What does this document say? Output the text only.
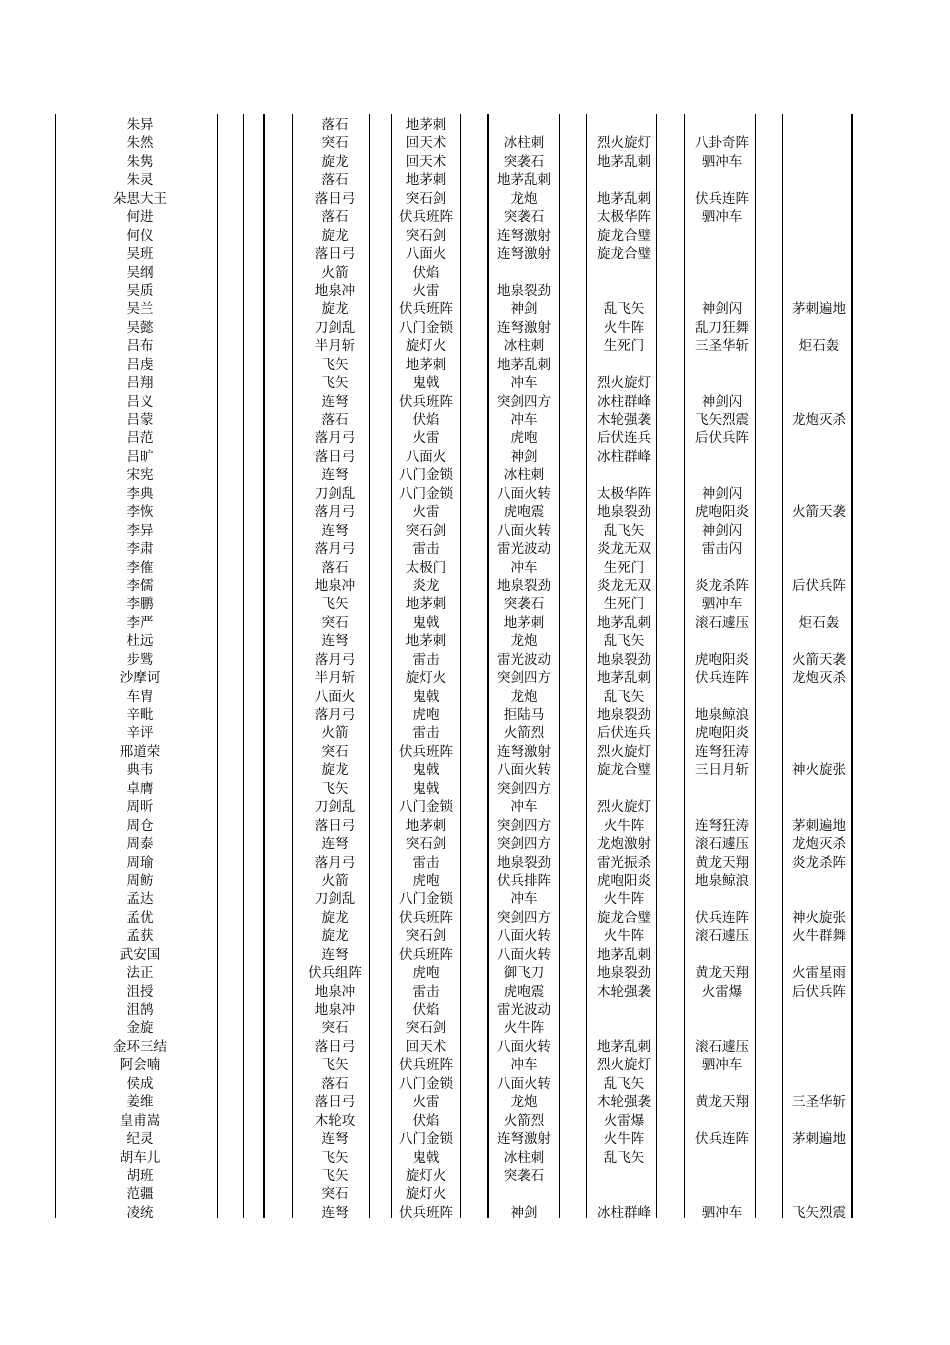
朱异	落石	地茅刺
朱然	突石	回天术	冰柱刺	烈火旋灯	八卦奇阵
朱隽	旋龙	回天术	突袭石	地茅乱刺	驷冲车
朱灵	落石	地茅刺	地茅乱刺
朵思大王	落日弓	突石剑	龙炮	地茅乱刺	伏兵连阵
何进	落石	伏兵班阵	突袭石	太极华阵	驷冲车
何仪	旋龙	突石剑	连弩激射	旋龙合璧
吴班	落日弓	八面火	连弩激射	旋龙合璧
吴纲	火箭	伏焰
吴质	地泉冲	火雷	地泉裂劲
吴兰	旋龙	伏兵班阵	神剑	乱飞矢	神剑闪	茅刺遍地
吴懿	刀剑乱	八门金锁	连弩激射	火牛阵	乱刀狂舞
吕布	半月斩	旋灯火	冰柱刺	生死门	三圣华斩	炬石轰
吕虔	飞矢	地茅刺	地茅乱刺
吕翔	飞矢	鬼戟	冲车	烈火旋灯
吕义	连弩	伏兵班阵	突剑四方	冰柱群峰	神剑闪
吕蒙	落石	伏焰	冲车	木轮强袭	飞矢烈震	龙炮灭杀
吕范	落月弓	火雷	虎咆	后伏连兵	后伏兵阵
吕旷	落日弓	八面火	神剑	冰柱群峰
宋宪	连弩	八门金锁	冰柱刺
李典	刀剑乱	八门金锁	八面火转	太极华阵	神剑闪
李恢	落月弓	火雷	虎咆震	地泉裂劲	虎咆阳炎	火箭天袭
李异	连弩	突石剑	八面火转	乱飞矢	神剑闪
李肃	落月弓	雷击	雷光波动	炎龙无双	雷击闪
李傕	落石	太极门	冲车	生死门
李儒	地泉冲	炎龙	地泉裂劲	炎龙无双	炎龙杀阵	后伏兵阵
李鹏	飞矢	地茅刺	突袭石	生死门	驷冲车
李严	突石	鬼戟	地茅刺	地茅乱刺	滚石遽压	炬石轰
杜远	连弩	地茅刺	龙炮	乱飞矢
步骘	落月弓	雷击	雷光波动	地泉裂劲	虎咆阳炎	火箭天袭
沙摩诃	半月斩	旋灯火	突剑四方	地茅乱刺	伏兵连阵	龙炮灭杀
车胄	八面火	鬼戟	龙炮	乱飞矢
辛毗	落月弓	虎咆	拒陆马	地泉裂劲	地泉鲸浪
辛评	火箭	雷击	火箭烈	后伏连兵	虎咆阳炎
邢道荣	突石	伏兵班阵	连弩激射	烈火旋灯	连弩狂涛
典韦	旋龙	鬼戟	八面火转	旋龙合璧	三日月斩	神火旋张
卓膺	飞矢	鬼戟	突剑四方
周昕	刀剑乱	八门金锁	冲车	烈火旋灯
周仓	落日弓	地茅刺	突剑四方	火牛阵	连弩狂涛	茅刺遍地
周泰	连弩	突石剑	突剑四方	龙炮激射	滚石遽压	龙炮灭杀
周瑜	落月弓	雷击	地泉裂劲	雷光振杀	黄龙天翔	炎龙杀阵
周鲂	火箭	虎咆	伏兵排阵	虎咆阳炎	地泉鲸浪
孟达	刀剑乱	八门金锁	冲车	火牛阵
孟优	旋龙	伏兵班阵	突剑四方	旋龙合璧	伏兵连阵	神火旋张
孟获	旋龙	突石剑	八面火转	火牛阵	滚石遽压	火牛群舞
武安国	连弩	伏兵班阵	八面火转	地茅乱刺
法正	伏兵组阵	虎咆	御飞刀	地泉裂劲	黄龙天翔	火雷星雨
沮授	地泉冲	雷击	虎咆震	木轮强袭	火雷爆	后伏兵阵
沮鹄	地泉冲	伏焰	雷光波动
金旋	突石	突石剑	火牛阵
金环三结	落日弓	回天术	八面火转	地茅乱刺	滚石遽压
阿会喃	飞矢	伏兵班阵	冲车	烈火旋灯	驷冲车
侯成	落石	八门金锁	八面火转	乱飞矢
姜维	落日弓	火雷	龙炮	木轮强袭	黄龙天翔	三圣华斩
皇甫嵩	木轮攻	伏焰	火箭烈	火雷爆
纪灵	连弩	八门金锁	连弩激射	火牛阵	伏兵连阵	茅刺遍地
胡车儿	飞矢	鬼戟	冰柱刺	乱飞矢
胡班	飞矢	旋灯火	突袭石
范疆	突石	旋灯火
凌统	连弩	伏兵班阵	神剑	冰柱群峰	驷冲车	飞矢烈震
